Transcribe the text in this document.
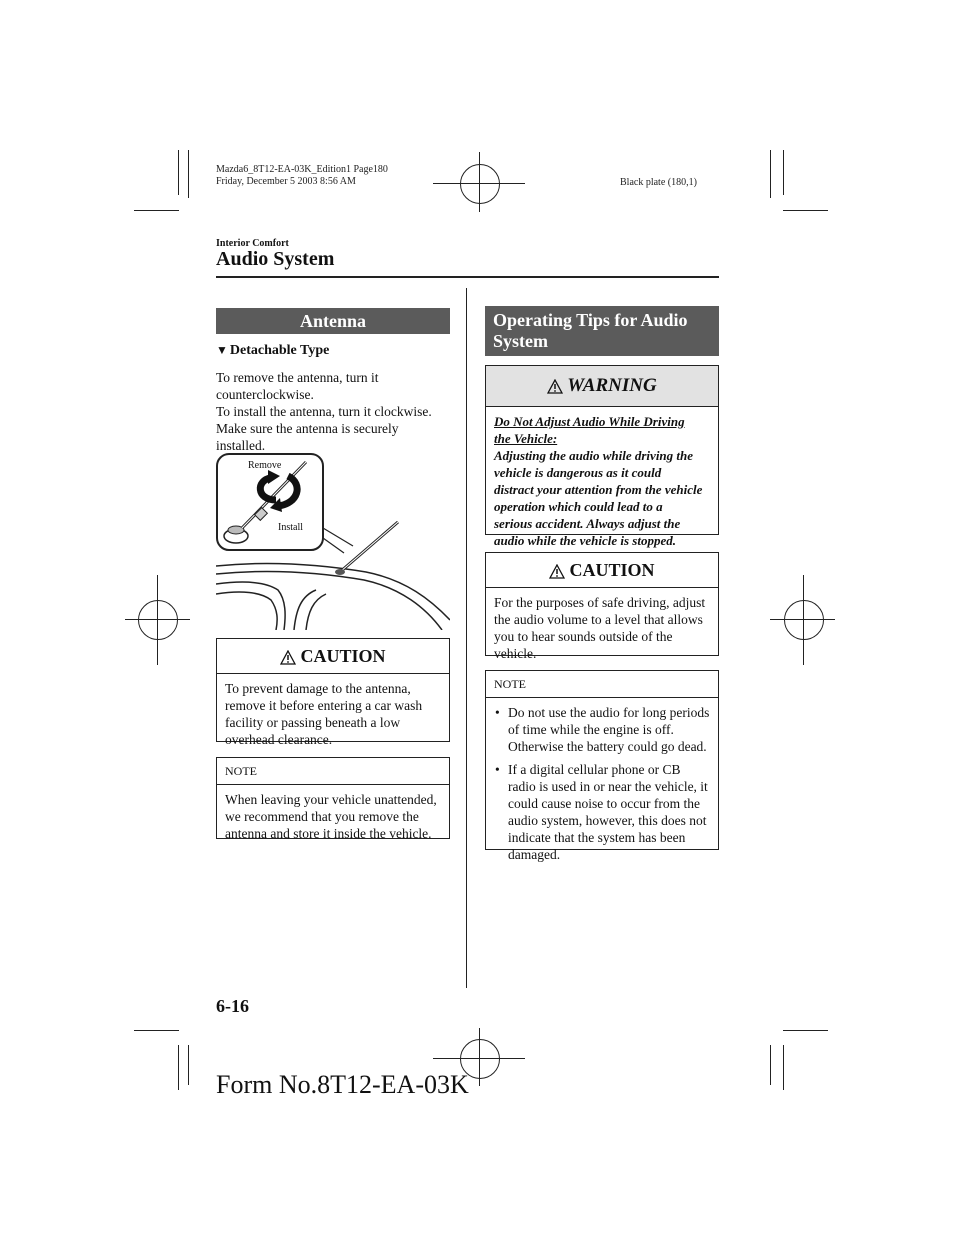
Mazda6_8T12-EA-03K_Edition1 Page180
Friday, December 5 2003 8:56 AM	Black plate (180,1)
Interior Comfort
Audio System
Antenna
▼ Detachable Type

To remove the antenna, turn it

counterclockwise.

To install the antenna, turn it clockwise.

Make sure the antenna is securely

installed.

Remove
Install
CAUTION
To prevent damage to the antenna,
remove it before entering a car wash
facility or passing beneath a low
overhead clearance.
NOTE
When leaving your vehicle unattended,
we recommend that you remove the
antenna and store it inside the vehicle.
Operating Tips for Audio
System
WARNING
Do Not Adjust Audio While Driving
the Vehicle:
Adjusting the audio while driving the
vehicle is dangerous as it could
distract your attention from the vehicle
operation which could lead to a
serious accident. Always adjust the
audio while the vehicle is stopped.
CAUTION
For the purposes of safe driving, adjust
the audio volume to a level that allows
you to hear sounds outside of the
vehicle.
NOTE
• Do not use the audio for long periods
of time while the engine is off.
Otherwise the battery could go dead.
• If a digital cellular phone or CB
radio is used in or near the vehicle, it
could cause noise to occur from the
audio system, however, this does not
indicate that the system has been
damaged.
6-16
Form No.8T12-EA-03K
